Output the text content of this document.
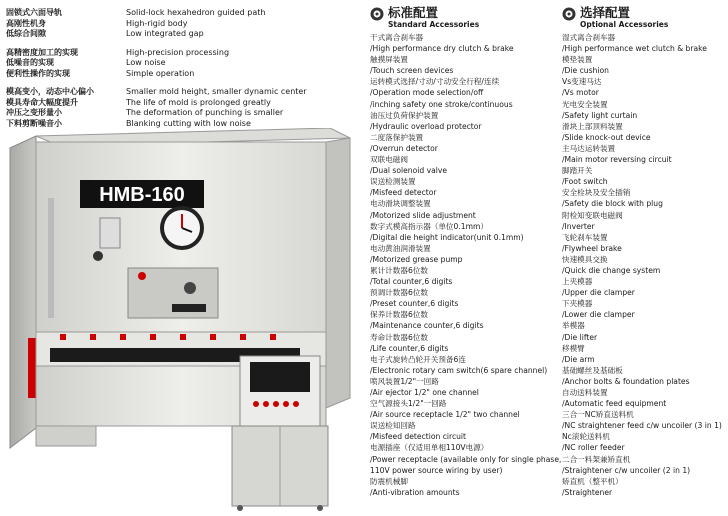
固锁式六面导轨	Solid-lock hexahedron guided path
高刚性机身	High-rigid body
低综合间隙	Low integrated gap
高精密度加工的实现	High-precision processing
低噪音的实现	Low noise
便利性操作的实现	Simple operation
模高变小，动态中心偏小	Smaller mold height, smaller dynamic center
模具寿命大幅度提升	The life of mold is prolonged greatly
冲压之变形量小	The deformation of punching is smaller
下料剪断噪音小	Blanking cutting with low noise
HMB-160
标准配置
Standard Accessories
干式离合刹车器
/High performance dry clutch & brake
触摸屏装置
/Touch screen devices
运转模式选择/寸动/寸动安全行程/连续
/Operation mode selection/off
/inching safety one stroke/continuous
油压过负荷保护装置
/Hydraulic overload protector
二度落保护装置
/Overrun detector
双联电磁阀
/Dual solenoid valve
误送检测装置
/Misfeed detector
电动滑块调整装置
/Motorized slide adjustment
数字式模高指示器（单位0.1mm）
/Digital die height indicator(unit 0.1mm)
电动黄油润滑装置
/Motorized grease pump
累计计数器6位数
/Total counter,6 digits
预调计数器6位数
/Preset counter,6 digits
保养计数器6位数
/Maintenance counter,6 digits
寿命计数器6位数
/Life counter,6 digits
电子式旋转凸轮开关预备6连
/Electronic rotary cam switch(6 spare channel)
喷风装置1/2"一回路
/Air ejector 1/2" one channel
空气源接头1/2"一回路
/Air source receptacle 1/2" two channel
误送检知回路
/Misfeed detection circuit
电源插座（仅适用单相110V电源）
/Power receptacle (available only for single phase,
110V power source wiring by user)
防震机械脚
/Anti-vibration amounts
选择配置
Optional Accessories
湿式离合刹车器
/High performance wet clutch & brake
模垫装置
/Die cushion
Vs变速马达
/Vs motor
光电安全装置
/Safety light curtain
滑块上部顶料装置
/Slide knock-out device
主马达运转装置
/Main motor reversing circuit
脚踏开关
/Foot switch
安全栓块及安全插销
/Safety die block with plug
附检知变联电磁阀
/Inverter
飞轮刹车装置
/Flywheel brake
快速模具交换
/Quick die change system
上夹模器
/Upper die clamper
下夹模器
/Lower die clamper
举模器
/Die lifter
移模臂
/Die arm
基础螺丝及基础板
/Anchor bolts & foundation plates
自动送料装置
/Automatic feed equipment
三合一NC矫直送料机
/NC straightener feed c/w uncoiler (3 in 1)
Nc滚轮送料机
/NC roller feeder
二合一料架兼矫直机
/Straightener c/w uncoiler (2 in 1)
矫直机（整平机）
/Straightener
